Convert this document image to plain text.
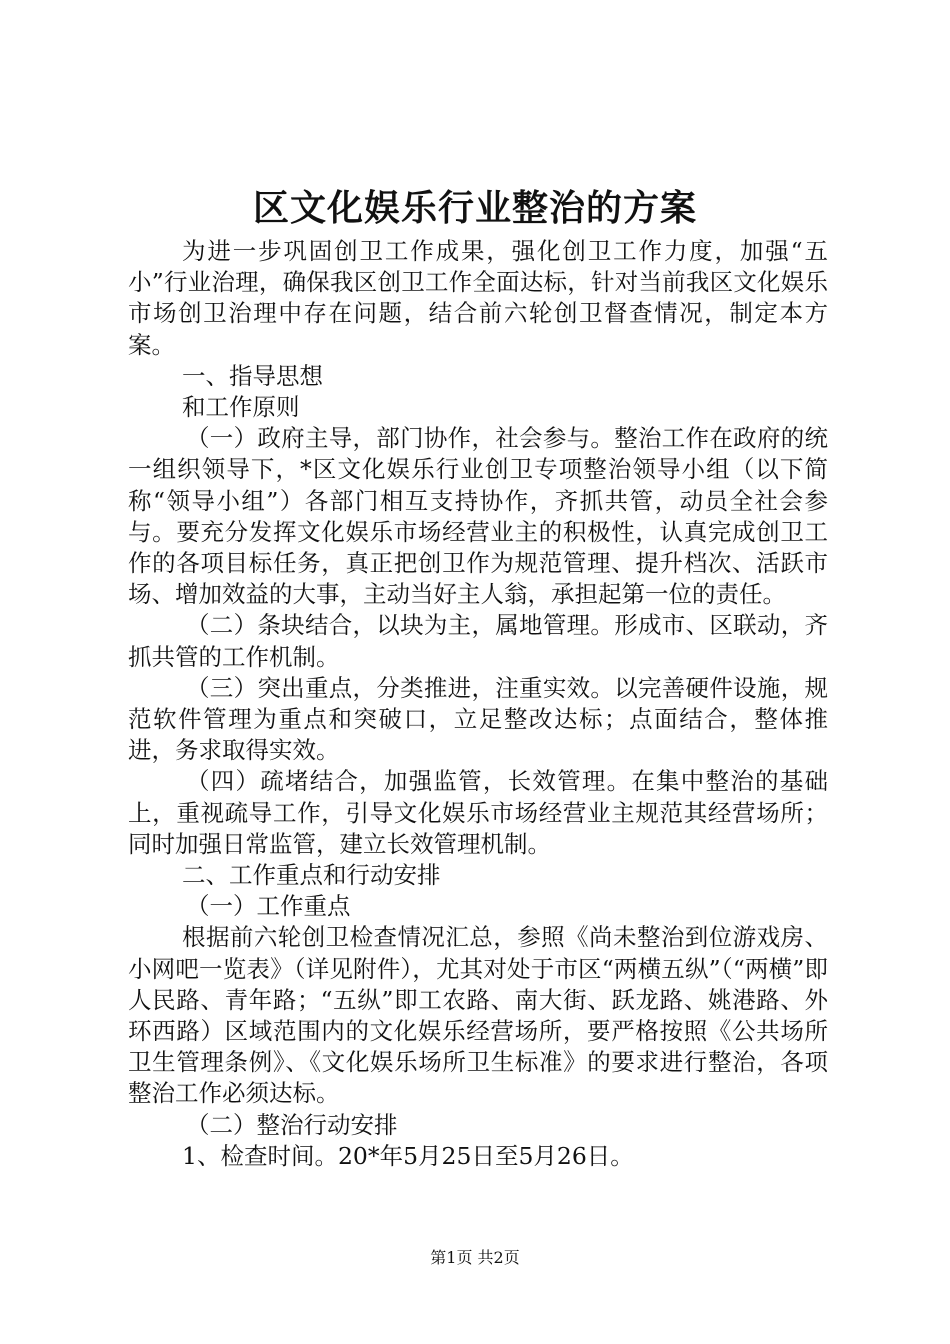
区文化娱乐行业整治的方案

为进一步巩固创卫工作成果，强化创卫工作力度，加强“五小”行业治理，确保我区创卫工作全面达标，针对当前我区文化娱乐市场创卫治理中存在问题，结合前六轮创卫督查情况，制定本方案。

一、指导思想

和工作原则

（一）政府主导，部门协作，社会参与。整治工作在政府的统一组织领导下，*区文化娱乐行业创卫专项整治领导小组（以下简称“领导小组”）各部门相互支持协作，齐抓共管，动员全社会参与。要充分发挥文化娱乐市场经营业主的积极性，认真完成创卫工作的各项目标任务，真正把创卫作为规范管理、提升档次、活跃市场、增加效益的大事，主动当好主人翁，承担起第一位的责任。

（二）条块结合，以块为主，属地管理。形成市、区联动，齐抓共管的工作机制。

（三）突出重点，分类推进，注重实效。以完善硬件设施，规范软件管理为重点和突破口，立足整改达标；点面结合，整体推进，务求取得实效。

（四）疏堵结合，加强监管，长效管理。在集中整治的基础上，重视疏导工作，引导文化娱乐市场经营业主规范其经营场所；同时加强日常监管，建立长效管理机制。

二、工作重点和行动安排

（一）工作重点

根据前六轮创卫检查情况汇总，参照《尚未整治到位游戏房、小网吧一览表》（详见附件），尤其对处于市区“两横五纵”（“两横”即人民路、青年路；“五纵”即工农路、南大街、跃龙路、姚港路、外环西路）区域范围内的文化娱乐经营场所，要严格按照《公共场所卫生管理条例》、《文化娱乐场所卫生标准》的要求进行整治，各项整治工作必须达标。

（二）整治行动安排

1、检查时间。20*年5月25日至5月26日。

第1页 共2页
